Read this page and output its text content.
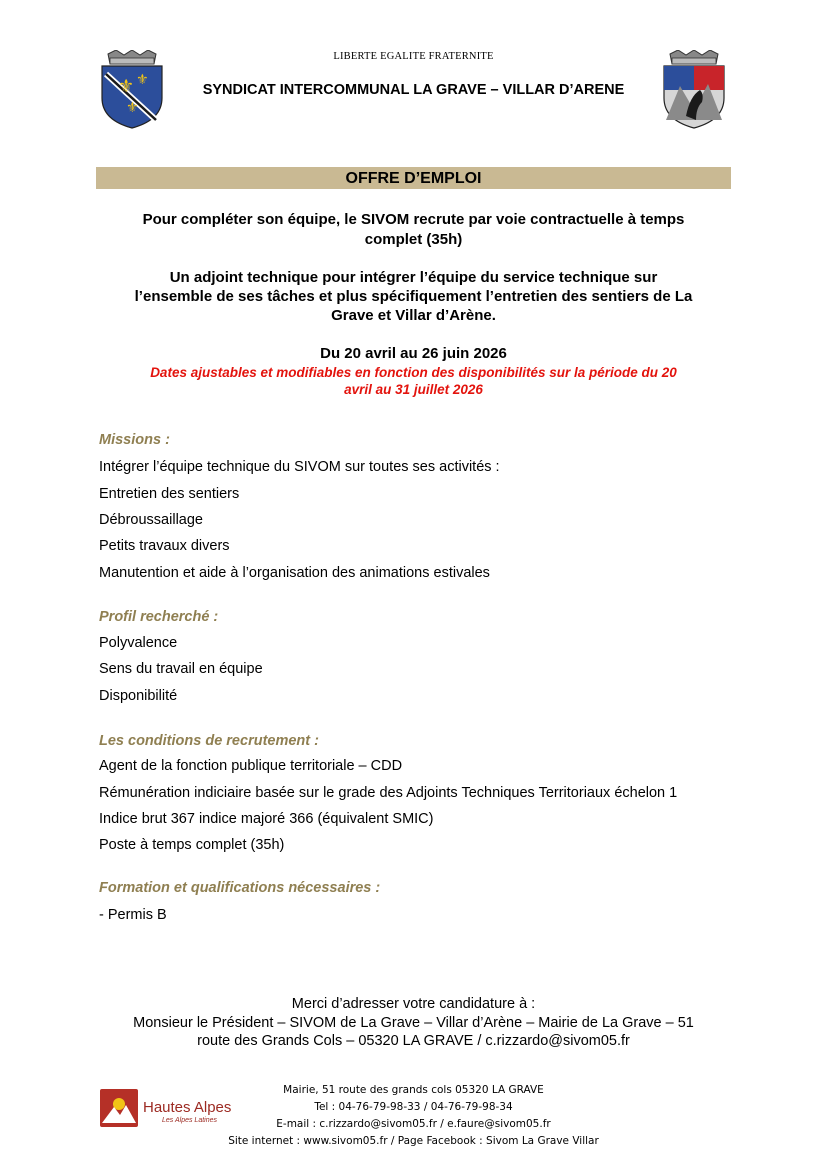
⚜ ⚜
⚜
LIBERTE EGALITE FRATERNITE
SYNDICAT INTERCOMMUNAL LA GRAVE – VILLAR D’ARENE
OFFRE D’EMPLOI
Pour compléter son équipe, le SIVOM recrute par voie contractuelle à temps
complet (35h)
Un adjoint technique pour intégrer l’équipe du service technique sur
l’ensemble de ses tâches et plus spécifiquement l’entretien des sentiers de La
Grave et Villar d’Arène.
Du 20 avril au 26 juin 2026
Dates ajustables et modifiables en fonction des disponibilités sur la période du 20
avril au 31 juillet 2026
Missions :
Intégrer l’équipe technique du SIVOM sur toutes ses activités :
Entretien des sentiers
Débroussaillage
Petits travaux divers
Manutention et aide à l’organisation des animations estivales
Profil recherché :
Polyvalence
Sens du travail en équipe
Disponibilité
Les conditions de recrutement :
Agent de la fonction publique territoriale – CDD
Rémunération indiciaire basée sur le grade des Adjoints Techniques Territoriaux échelon 1
Indice brut 367 indice majoré 366 (équivalent SMIC)
Poste à temps complet (35h)
Formation et qualifications nécessaires :
- Permis B
Merci d’adresser votre candidature à :
Monsieur le Président – SIVOM de La Grave – Villar d’Arène – Mairie de La Grave – 51
route des Grands Cols – 05320 LA GRAVE / c.rizzardo@sivom05.fr
Hautes Alpes
Les Alpes Latines
Mairie, 51 route des grands cols 05320 LA GRAVE
Tel : 04-76-79-98-33 / 04-76-79-98-34
E-mail : c.rizzardo@sivom05.fr / e.faure@sivom05.fr
Site internet : www.sivom05.fr / Page Facebook : Sivom La Grave Villar
